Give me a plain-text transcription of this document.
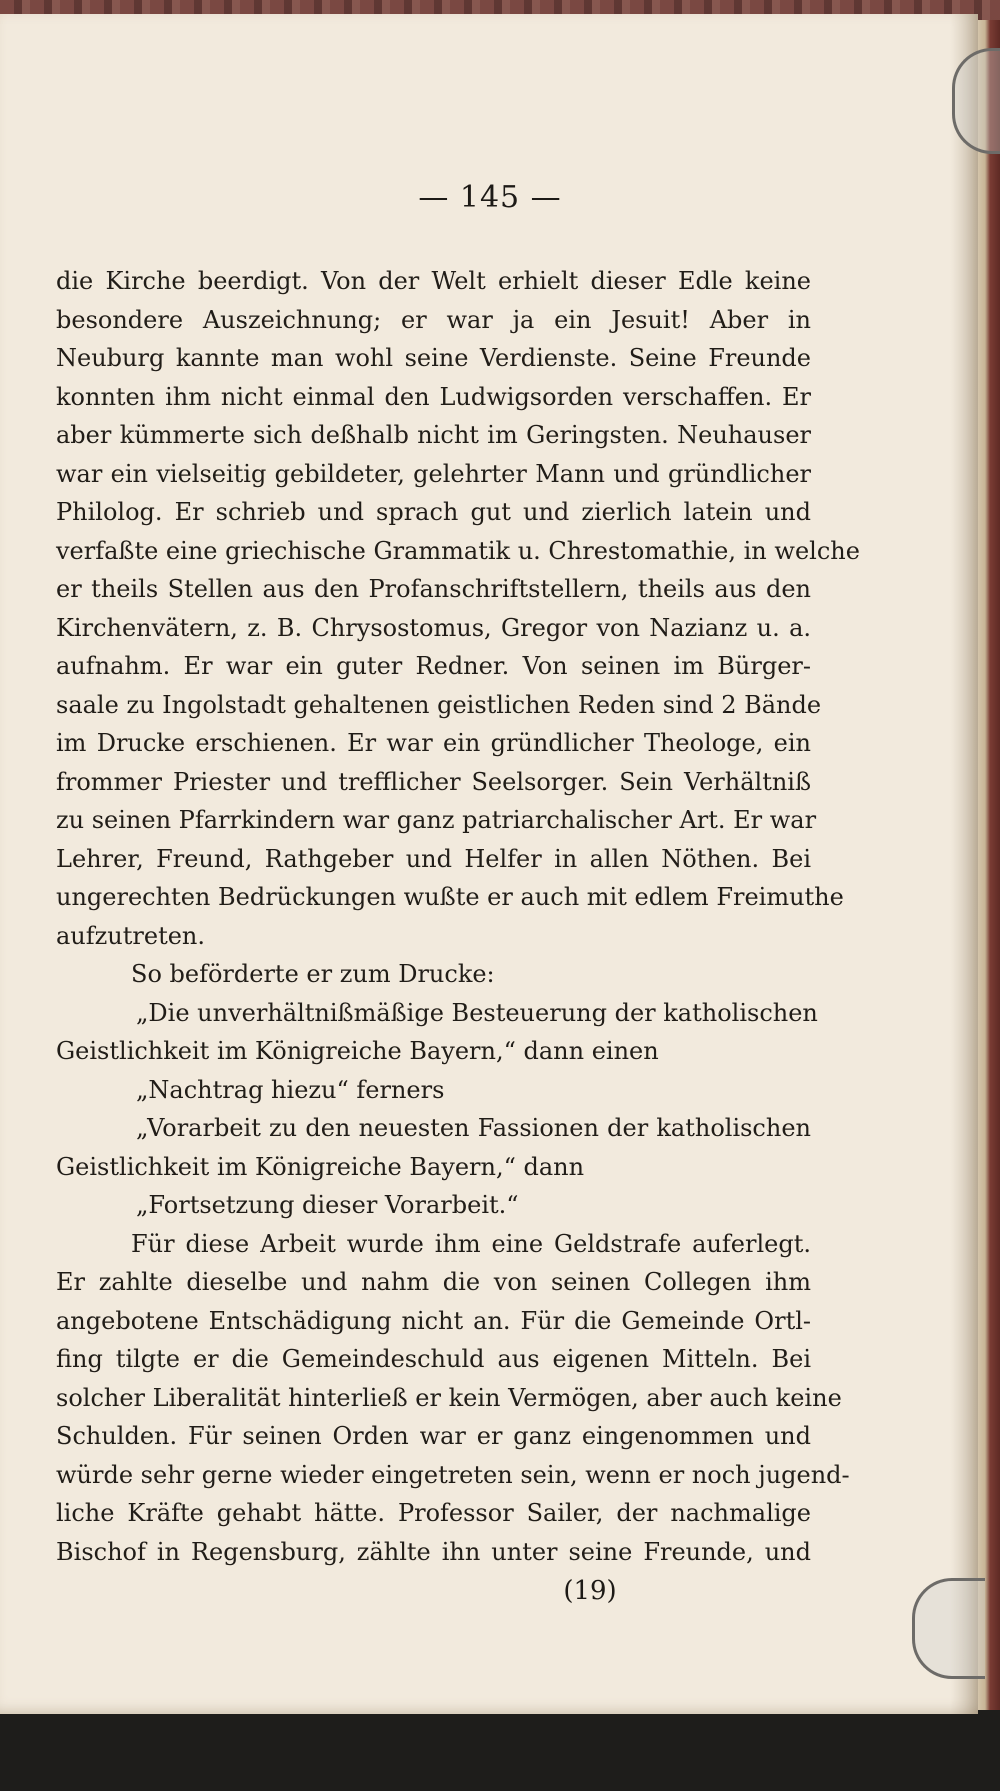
— 145 —
die Kirche beerdigt. Von der Welt erhielt dieser Edle keine
besondere Auszeichnung; er war ja ein Jesuit! Aber in
Neuburg kannte man wohl seine Verdienste. Seine Freunde
konnten ihm nicht einmal den Ludwigsorden verschaffen. Er
aber kümmerte sich deßhalb nicht im Geringsten. Neuhauser
war ein vielseitig gebildeter, gelehrter Mann und gründlicher
Philolog. Er schrieb und sprach gut und zierlich latein und
verfaßte eine griechische Grammatik u. Chrestomathie, in welche
er theils Stellen aus den Profanschriftstellern, theils aus den
Kirchenvätern, z. B. Chrysostomus, Gregor von Nazianz u. a.
aufnahm. Er war ein guter Redner. Von seinen im Bürger-
saale zu Ingolstadt gehaltenen geistlichen Reden sind 2 Bände
im Drucke erschienen. Er war ein gründlicher Theologe, ein
frommer Priester und trefflicher Seelsorger. Sein Verhältniß
zu seinen Pfarrkindern war ganz patriarchalischer Art. Er war
Lehrer, Freund, Rathgeber und Helfer in allen Nöthen. Bei
ungerechten Bedrückungen wußte er auch mit edlem Freimuthe
aufzutreten.
So beförderte er zum Drucke:
„Die unverhältnißmäßige Besteuerung der katholischen
Geistlichkeit im Königreiche Bayern,“ dann einen
„Nachtrag hiezu“ ferners
„Vorarbeit zu den neuesten Fassionen der katholischen
Geistlichkeit im Königreiche Bayern,“ dann
„Fortsetzung dieser Vorarbeit.“
Für diese Arbeit wurde ihm eine Geldstrafe auferlegt.
Er zahlte dieselbe und nahm die von seinen Collegen ihm
angebotene Entschädigung nicht an. Für die Gemeinde Ortl-
fing tilgte er die Gemeindeschuld aus eigenen Mitteln. Bei
solcher Liberalität hinterließ er kein Vermögen, aber auch keine
Schulden. Für seinen Orden war er ganz eingenommen und
würde sehr gerne wieder eingetreten sein, wenn er noch jugend-
liche Kräfte gehabt hätte. Professor Sailer, der nachmalige
Bischof in Regensburg, zählte ihn unter seine Freunde, und
(19)
